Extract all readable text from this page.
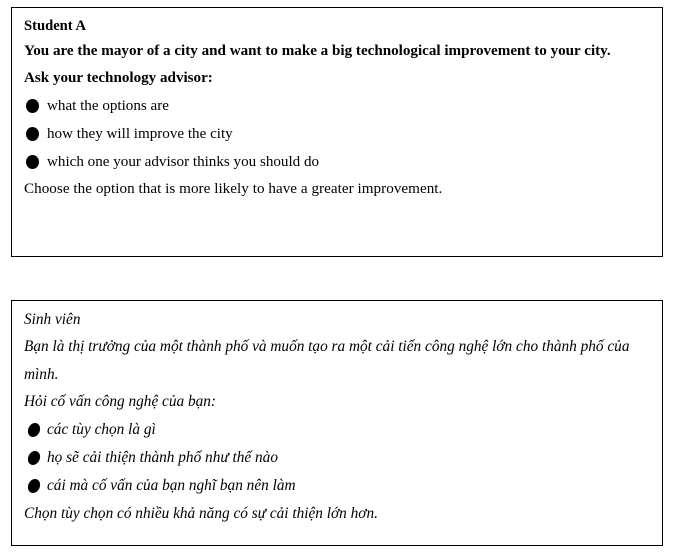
Student A

You are the mayor of a city and want to make a big technological improvement to your city.

Ask your technology advisor:

what the options are
how they will improve the city
which one your advisor thinks you should do
Choose the option that is more likely to have a greater improvement.
Sinh viên

Bạn là thị trưởng của một thành phố và muốn tạo ra một cải tiến công nghệ lớn cho thành phố của mình.

Hỏi cố vấn công nghệ của bạn:

các tùy chọn là gì
họ sẽ cải thiện thành phố như thế nào
cái mà cố vấn của bạn nghĩ bạn nên làm
Chọn tùy chọn có nhiều khả năng có sự cải thiện lớn hơn.
